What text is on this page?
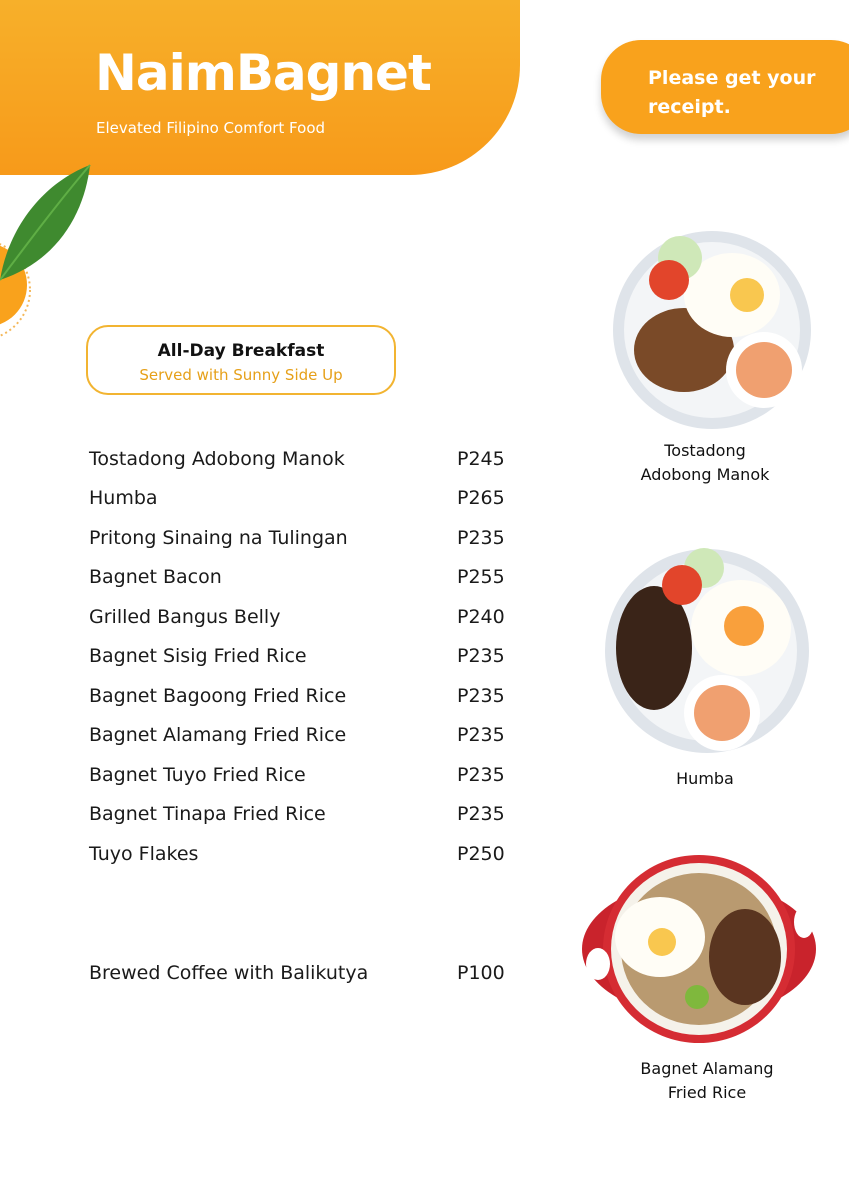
NaimBagnet
Elevated Filipino Comfort Food
Please get your receipt.
All-Day Breakfast
Served with Sunny Side Up
Tostadong Adobong Manok	P245
Humba	P265
Pritong Sinaing na Tulingan	P235
Bagnet Bacon	P255
Grilled Bangus Belly	P240
Bagnet Sisig Fried Rice	P235
Bagnet Bagoong Fried Rice	P235
Bagnet Alamang Fried Rice	P235
Bagnet Tuyo Fried Rice	P235
Bagnet Tinapa Fried Rice	P235
Tuyo Flakes	P250
Brewed Coffee with Balikutya	P100
Tostadong
Adobong Manok
Humba
Bagnet Alamang
Fried Rice
